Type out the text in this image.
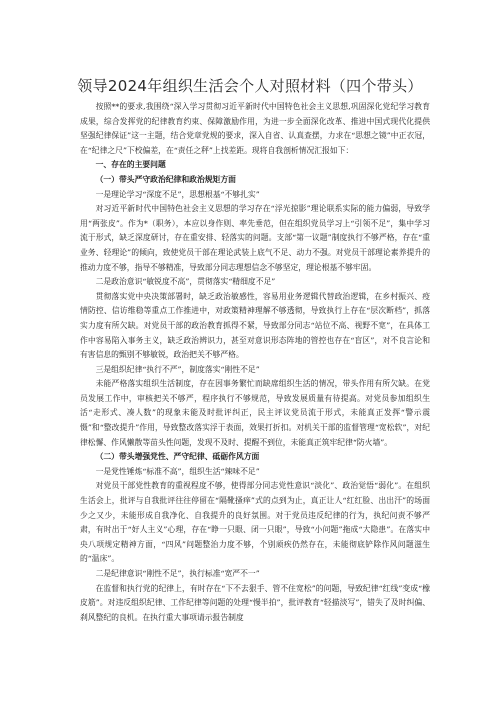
领导2024年组织生活会个人对照材料（四个带头）

按照**的要求,我围绕“深入学习贯彻习近平新时代中国特色社会主义思想,巩固深化党纪学习教育成果，综合发挥党的纪律教育约束、保障激励作用，为进一步全面深化改革、推进中国式现代化提供坚强纪律保证”这一主题，结合党章党规的要求，深入自省、认真查摆，力求在“思想之镜”中正衣冠，在“纪律之尺”下校偏差，在“责任之秤”上找差距。现将自我剖析情况汇报如下：

一、存在的主要问题

（一）带头严守政治纪律和政治规矩方面

一是理论学习“深度不足”，思想根基“不够扎实”

对习近平新时代中国特色社会主义思想的学习存在“浮光掠影”理论联系实际的能力偏弱，导致学用“两张皮”。作为*（职务），本应以身作则、率先垂范，但在组织党员学习上“引领不足”，集中学习流于形式，缺乏深度研讨，存在重安排、轻落实的问题。支部“第一议题”制度执行不够严格，存在“重业务、轻理论”的倾向，致使党员干部在理论武装上底气不足、动力不强。对党员干部理论素养提升的推动力度不够，指导不够精准，导致部分同志理想信念不够坚定，理论根基不够牢固。

二是政治意识“敏锐度不高”，贯彻落实“精细度不足”

贯彻落实党中央决策部署时，缺乏政治敏感性，容易用业务逻辑代替政治逻辑，在乡村振兴、疫情防控、信访维稳等重点工作推进中，对政策精神理解不够透彻，导致执行上存在“层次断档”，抓落实力度有所欠缺。对党员干部的政治教育抓得不紧，导致部分同志“站位不高、视野不宽”，在具体工作中容易陷入事务主义，缺乏政治辨识力，甚至对意识形态阵地的管控也存在“盲区”，对不良言论和有害信息的甄别不够敏锐，政治把关不够严格。

三是组织纪律“执行不严”，制度落实“刚性不足”

未能严格落实组织生活制度，存在因事务繁忙而缺席组织生活的情况，带头作用有所欠缺。在党员发展工作中，审核把关不够严，程序执行不够规范，导致发展质量有待提高。对党员参加组织生活“走形式、凑人数”的现象未能及时批评纠正，民主评议党员流于形式，未能真正发挥“警示震慑”和“整改提升”作用，导致整改落实浮于表面，效果打折扣。对机关干部的监督管理“宽松软”，对纪律松懈、作风懒散等苗头性问题，发现不及时、提醒不到位，未能真正筑牢纪律“防火墙”。

（二）带头增强党性、严守纪律、砥砺作风方面

一是党性锤炼“标准不高”，组织生活“辣味不足”

对党员干部党性教育的重视程度不够，使得部分同志党性意识“淡化”、政治觉悟“弱化”。在组织生活会上，批评与自我批评往往停留在“隔靴搔痒”式的点到为止，真正让人“红红脸、出出汗”的场面少之又少，未能形成自我净化、自我提升的良好氛围。对于党员违反纪律的行为，执纪问责不够严肃，有时出于“好人主义”心理，存在“睁一只眼、闭一只眼”，导致“小问题”拖成“大隐患”。在落实中央八项规定精神方面，“四风”问题整治力度不够，个别顽疾仍然存在，未能彻底铲除作风问题滋生的“温床”。

二是纪律意识“刚性不足”，执行标准“宽严不一”

在监督和执行党的纪律上，有时存在“下不去狠手、管不住宽松”的问题，导致纪律“红线”变成“橡皮筋”。对违反组织纪律、工作纪律等问题的处理“慢半拍”，批评教育“轻描淡写”，错失了及时纠偏、刹风整纪的良机。在执行重大事项请示报告制度
